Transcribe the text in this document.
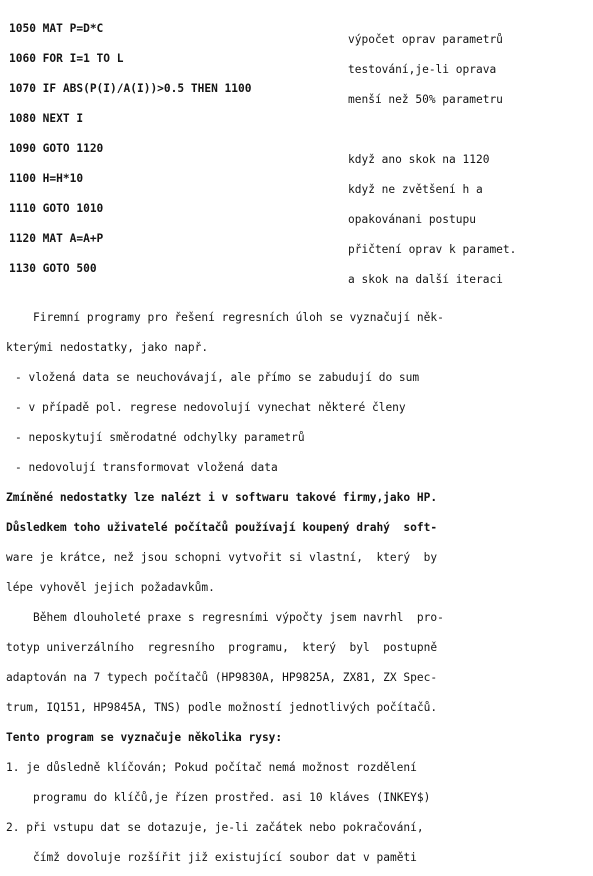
1050 MAT P=D*C

výpočet oprav parametrů

1060 FOR I=1 TO L

testování,je-li oprava

1070 IF ABS(P(I)/A(I))>0.5 THEN 1100

menší než 50% parametru

1080 NEXT I

1090 GOTO 1120

když ano skok na 1120

1100 H=H*10

když ne zvětšení h a

1110 GOTO 1010

opakovánani postupu

1120 MAT A=A+P

přičtení oprav k paramet.

1130 GOTO 500

a skok na další iteraci

Firemní programy pro řešení regresních úloh se vyznačují něk-
kterými nedostatky, jako např.
- vložená data se neuchovávají, ale přímo se zabudují do sum
- v případě pol. regrese nedovolují vynechat některé členy
- neposkytují směrodatné odchylky parametrů
- nedovolují transformovat vložená data
Zmíněné nedostatky lze nalézt i v softwaru takové firmy,jako HP.
Důsledkem toho uživatelé počítačů používají koupený drahý  soft-
ware je krátce, než jsou schopni vytvořit si vlastní,  který  by
lépe vyhověl jejich požadavkům.
Během dlouholeté praxe s regresními výpočty jsem navrhl  pro-
totyp univerzálního  regresního  programu,  který  byl  postupně
adaptován na 7 typech počítačů (HP9830A, HP9825A, ZX81, ZX Spec-
trum, IQ151, HP9845A, TNS) podle možností jednotlivých počítačů.
Tento program se vyznačuje několika rysy:
1. je důsledně klíčován; Pokud počítač nemá možnost rozdělení
programu do klíčů,je řízen prostřed. asi 10 kláves (INKEY$)
2. při vstupu dat se dotazuje, je-li začátek nebo pokračování,
čímž dovoluje rozšířit již existující soubor dat v paměti
